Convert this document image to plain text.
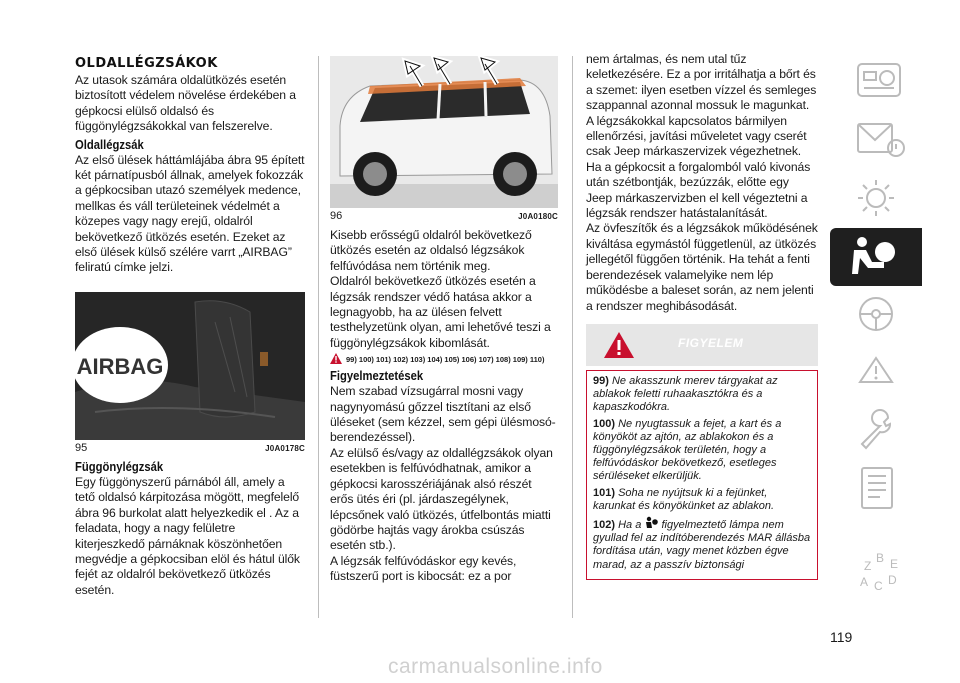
OLDALLÉGZSÁKOK

Az utasok számára oldalütközés esetén biztosított védelem növelése érdekében a gépkocsi elülső oldalsó és függönylégzsákokkal van felszerelve.

Oldallégzsák

Az első ülések háttámlájába ábra 95 épített két párnatípusból állnak, amelyek fokozzák a gépkocsiban utazó személyek medence, mellkas és váll területeinek védelmét a közepes vagy nagy erejű, oldalról bekövetkező ütközés esetén. Ezeket az első ülések külső szélére varrt „AIRBAG” feliratú címke jelzi.

AIRBAG
95	J0A0178C
Függönylégzsák

Egy függönyszerű párnából áll, amely a tető oldalsó kárpitozása mögött, megfelelő ábra 96 burkolat alatt helyezkedik el . Az a feladata, hogy a nagy felületre kiterjeszkedő párnáknak köszönhetően megvédje a gépkocsiban elöl és hátul ülők fejét az oldalról bekövetkező ütközés esetén.

96	J0A0180C

Kisebb erősségű oldalról bekövetkező ütközés esetén az oldalsó légzsákok felfúvódása nem történik meg.

Oldalról bekövetkező ütközés esetén a légzsák rendszer védő hatása akkor a legnagyobb, ha az ülésen felvett testhelyzetünk olyan, ami lehetővé teszi a függönylégzsákok kibomlását.

99) 100) 101) 102) 103) 104) 105) 106) 107) 108) 109) 110)
Figyelmeztetések

Nem szabad vízsugárral mosni vagy nagynyomású gőzzel tisztítani az első üléseket (sem kézzel, sem gépi ülésmosó-berendezéssel).

Az elülső és/vagy az oldallégzsákok olyan esetekben is felfúvódhatnak, amikor a gépkocsi karosszériájának alsó részét erős ütés éri (pl. járdaszegélynek, lépcsőnek való ütközés, útfelbontás miatti gödörbe hajtás vagy árokba csúszás esetén stb.).

A légzsák felfúvódáskor egy kevés, füstszerű port is kibocsát: ez a por

nem ártalmas, és nem utal tűz keletkezésére. Ez a por irritálhatja a bőrt és a szemet: ilyen esetben vízzel és semleges szappannal azonnal mossuk le magunkat.

A légzsákokkal kapcsolatos bármilyen ellenőrzési, javítási műveletet vagy cserét csak Jeep márkaszervizek végezhetnek. Ha a gépkocsit a forgalomból való kivonás után szétbontják, bezúzzák, előtte egy Jeep márkaszervizben el kell végeztetni a légzsák rendszer hatástalanítását.

Az övfeszítők és a légzsákok működésének kiváltása egymástól függetlenül, az ütközés jellegétől függően történik. Ha tehát a fenti berendezések valamelyike nem lép működésbe a baleset során, az nem jelenti a rendszer meghibásodását.

FIGYELEM
99) Ne akasszunk merev tárgyakat az ablakok feletti ruhaakasztókra és a kapaszkodókra.
100) Ne nyugtassuk a fejet, a kart és a könyököt az ajtón, az ablakokon és a függönylégzsákok területén, hogy a felfúvódáskor bekövetkező, esetleges sérüléseket elkerüljük.
101) Soha ne nyújtsuk ki a fejünket, karunkat és könyökünket az ablakon.
102) Ha a figyelmeztető lámpa nem gyullad fel az indítóberendezés MAR állásba fordítása után, vagy menet közben égve marad, az a passzív biztonsági	Z
B E
A C D
119
carmanualsonline.info
